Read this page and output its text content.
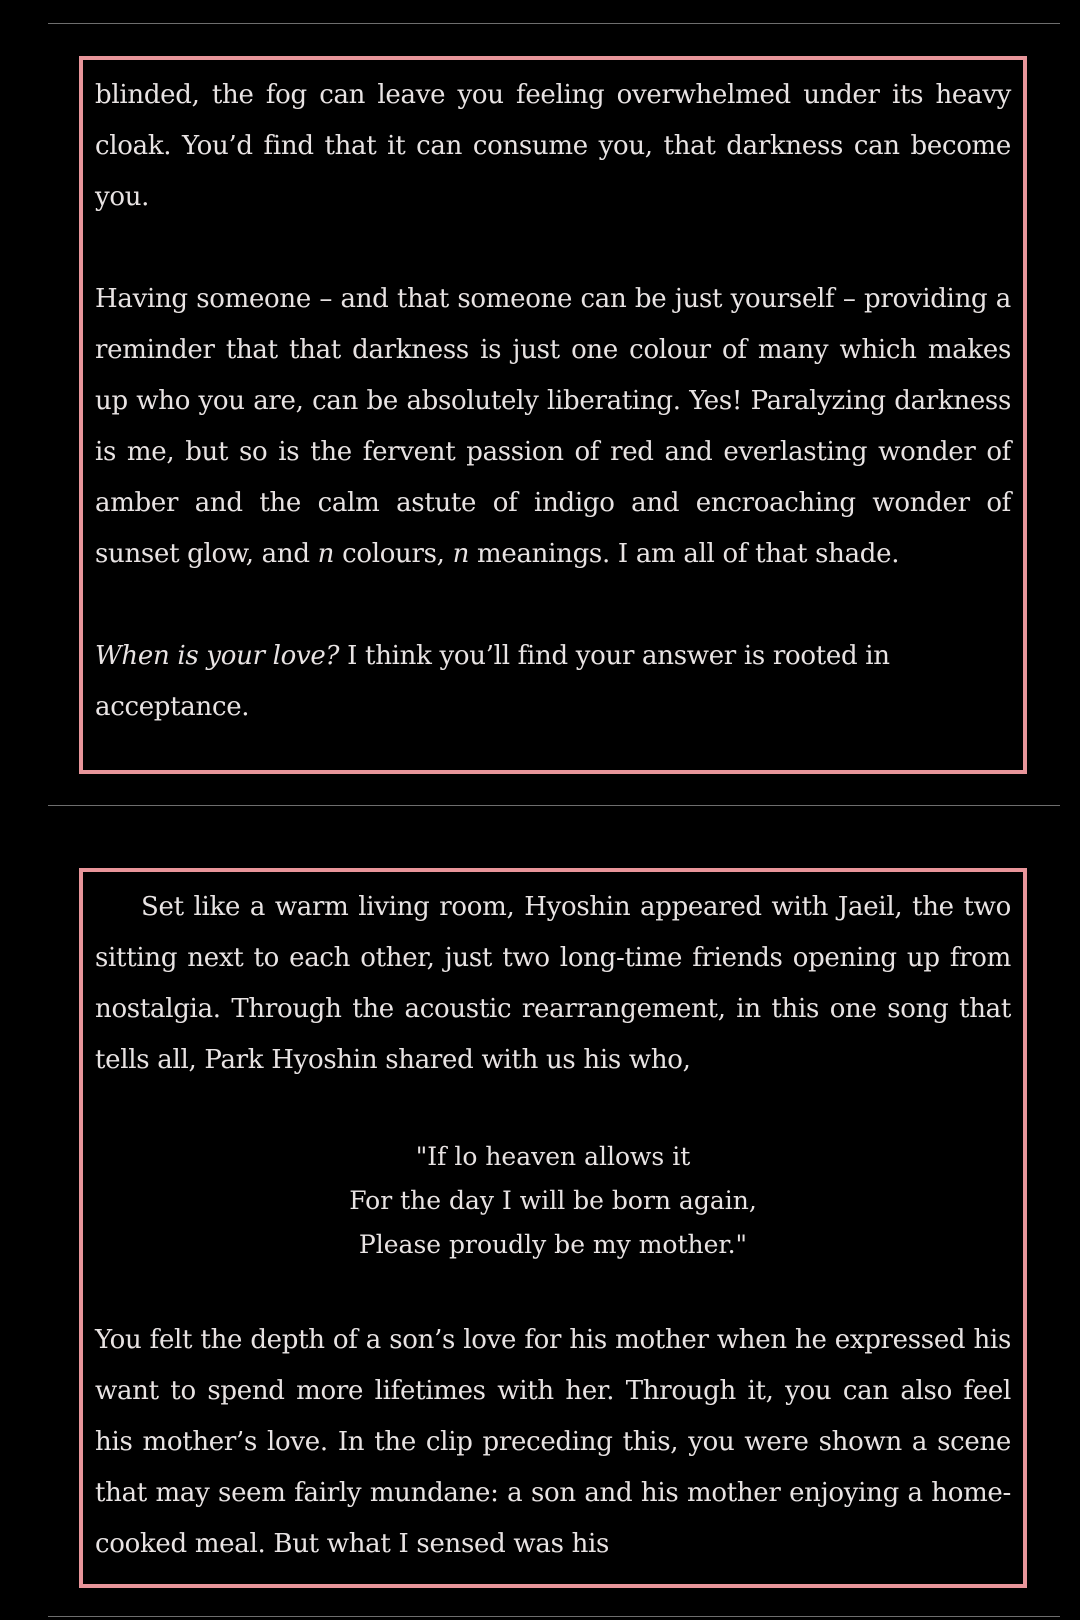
blinded, the fog can leave you feeling overwhelmed under its heavy cloak. You’d find that it can consume you, that darkness can become you.

Having someone – and that someone can be just yourself – providing a reminder that that darkness is just one colour of many which makes up who you are, can be absolutely liberating. Yes! Paralyzing darkness is me, but so is the fervent passion of red and everlasting wonder of amber and the calm astute of indigo and encroaching wonder of sunset glow, and n colours, n meanings. I am all of that shade.

When is your love? I think you’ll find your answer is rooted in acceptance.

Set like a warm living room, Hyoshin appeared with Jaeil, the two sitting next to each other, just two long-time friends opening up from nostalgia. Through the acoustic rearrangement, in this one song that tells all, Park Hyoshin shared with us his who,

"If lo heaven allows it
For the day I will be born again,
Please proudly be my mother."

You felt the depth of a son’s love for his mother when he expressed his want to spend more lifetimes with her. Through it, you can also feel his mother’s love. In the clip preceding this, you were shown a scene that may seem fairly mundane: a son and his mother enjoying a home-cooked meal. But what I sensed was his
